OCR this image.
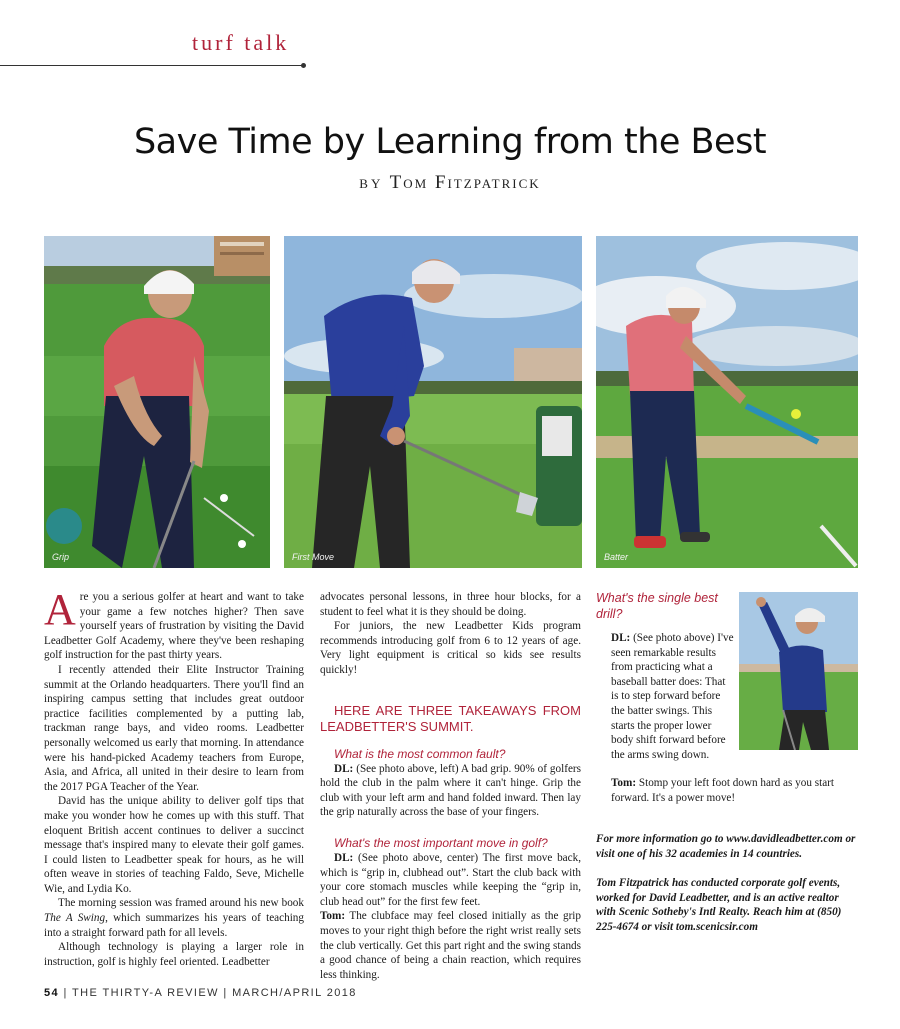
turf talk
Save Time by Learning from the Best
BY Tom Fitzpatrick
Grip	First Move	Batter

Are you a serious golfer at heart and want to take your game a few notches higher? Then save yourself years of frustration by visiting the David Leadbetter Golf Academy, where they've been reshaping golf instruction for the past thirty years.

I recently attended their Elite Instructor Training summit at the Orlando headquarters. There you'll find an inspiring campus setting that includes great outdoor practice facilities complemented by a putting lab, trackman range bays, and video rooms. Leadbetter personally welcomed us early that morning. In attendance were his hand-picked Academy teachers from Europe, Asia, and Africa, all united in their desire to learn from the 2017 PGA Teacher of the Year.

David has the unique ability to deliver golf tips that make you wonder how he comes up with this stuff. That eloquent British accent continues to deliver a succinct message that's inspired many to elevate their golf games. I could listen to Leadbetter speak for hours, as he will often weave in stories of teaching Faldo, Seve, Michelle Wie, and Lydia Ko.

The morning session was framed around his new book The A Swing, which summarizes his years of teaching into a straight forward path for all levels.

Although technology is playing a larger role in instruction, golf is highly feel oriented. Leadbetter

advocates personal lessons, in three hour blocks, for a student to feel what it is they should be doing.

For juniors, the new Leadbetter Kids program recommends introducing golf from 6 to 12 years of age. Very light equipment is critical so kids see results quickly!

HERE ARE THREE TAKEAWAYS FROM LEADBETTER'S SUMMIT.

What is the most common fault?

DL: (See photo above, left) A bad grip. 90% of golfers hold the club in the palm where it can't hinge. Grip the club with your left arm and hand folded inward. Then lay the grip naturally across the base of your fingers.

What's the most important move in golf?

DL: (See photo above, center) The first move back, which is “grip in, clubhead out”. Start the club back with your core stomach muscles while keeping the “grip in, club head out” for the first few feet.

Tom: The clubface may feel closed initially as the grip moves to your right thigh before the right wrist really sets the club vertically. Get this part right and the swing stands a good chance of being a chain reaction, which requires less thinking.

What's the single best drill?

DL: (See photo above) I've seen remarkable results from practicing what a baseball batter does: That is to step forward before the batter swings. This starts the proper lower body shift forward before the arms swing down.

Tom: Stomp your left foot down hard as you start forward. It's a power move!

For more information go to www.davidleadbetter.com or visit one of his 32 academies in 14 countries.

Tom Fitzpatrick has conducted corporate golf events, worked for David Leadbetter, and is an active realtor with Scenic Sotheby's Intl Realty. Reach him at (850) 225-4674 or visit tom.scenicsir.com

54 | THE THIRTY-A REVIEW | MARCH/APRIL 2018
